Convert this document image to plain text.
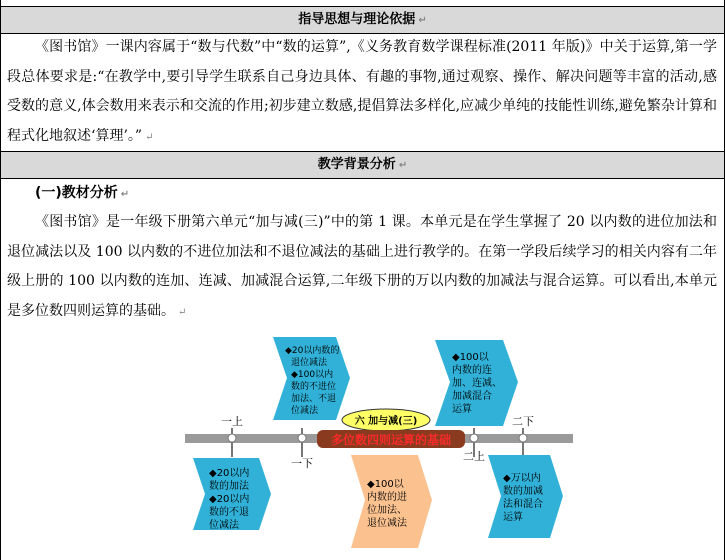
指导思想与理论依据 ↵
《图书馆》一课内容属于“数与代数”中“数的运算”,《义务教育数学课程标准(2011 年版)》中关于运算,第一学段总体要求是:“在教学中,要引导学生联系自己身边具体、有趣的事物,通过观察、操作、解决问题等丰富的活动,感受数的意义,体会数用来表示和交流的作用;初步建立数感,提倡算法多样化,应减少单纯的技能性训练,避免繁杂计算和程式化地叙述‘算理’。” ↵
教学背景分析 ↵
(一)教材分析 ↵
《图书馆》是一年级下册第六单元“加与减(三)”中的第 1 课。本单元是在学生掌握了 20 以内数的进位加法和退位减法以及 100 以内数的不进位加法和不退位减法的基础上进行教学的。在第一学段后续学习的相关内容有二年级上册的 100 以内数的连加、连减、加减混合运算,二年级下册的万以内数的加减法与混合运算。可以看出,本单元是多位数四则运算的基础。 ↵
一上
一下
二上
二下
六 加与减(三)
多位数四则运算的基础
◆20以内
数的加法
◆20以内
数的不退
位减法
◆20以内数的
退位减法
◆100以内
数的不进位
加法、不退
位减法
◆100以
内数的进
位加法、
退位减法
◆100以
内数的连
加、连减、
加减混合
运算
◆万以内
数的加减
法和混合
运算
